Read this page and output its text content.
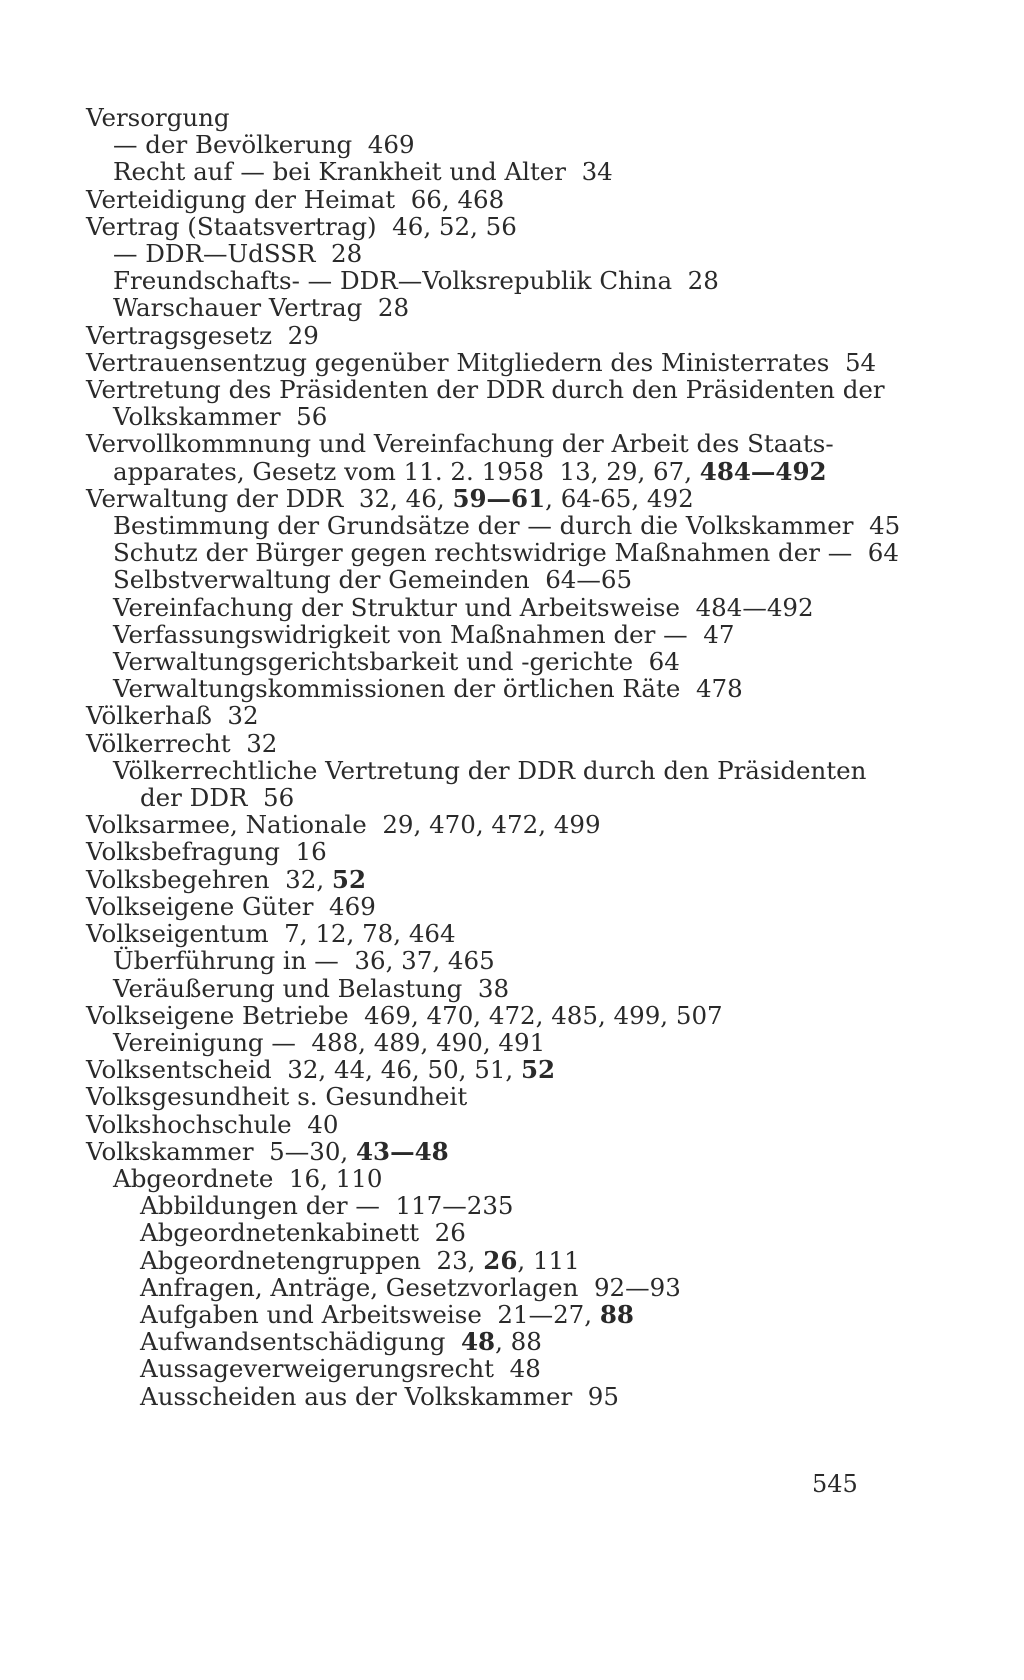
Versorgung
— der Bevölkerung  469
Recht auf — bei Krankheit und Alter  34
Verteidigung der Heimat  66, 468
Vertrag (Staatsvertrag)  46, 52, 56
— DDR—UdSSR  28
Freundschafts- — DDR—Volksrepublik China  28
Warschauer Vertrag  28
Vertragsgesetz  29
Vertrauensentzug gegenüber Mitgliedern des Ministerrates  54
Vertretung des Präsidenten der DDR durch den Präsidenten der
Volkskammer  56
Vervollkommnung und Vereinfachung der Arbeit des Staats-
apparates, Gesetz vom 11. 2. 1958  13, 29, 67, 484—492
Verwaltung der DDR  32, 46, 59—61, 64-65, 492
Bestimmung der Grundsätze der — durch die Volkskammer  45
Schutz der Bürger gegen rechtswidrige Maßnahmen der —  64
Selbstverwaltung der Gemeinden  64—65
Vereinfachung der Struktur und Arbeitsweise  484—492
Verfassungswidrigkeit von Maßnahmen der —  47
Verwaltungsgerichtsbarkeit und -gerichte  64
Verwaltungskommissionen der örtlichen Räte  478
Völkerhaß  32
Völkerrecht  32
Völkerrechtliche Vertretung der DDR durch den Präsidenten
der DDR  56
Volksarmee, Nationale  29, 470, 472, 499
Volksbefragung  16
Volksbegehren  32, 52
Volkseigene Güter  469
Volkseigentum  7, 12, 78, 464
Überführung in —  36, 37, 465
Veräußerung und Belastung  38
Volkseigene Betriebe  469, 470, 472, 485, 499, 507
Vereinigung —  488, 489, 490, 491
Volksentscheid  32, 44, 46, 50, 51, 52
Volksgesundheit s. Gesundheit
Volkshochschule  40
Volkskammer  5—30, 43—48
Abgeordnete  16, 110
Abbildungen der —  117—235
Abgeordnetenkabinett  26
Abgeordnetengruppen  23, 26, 111
Anfragen, Anträge, Gesetzvorlagen  92—93
Aufgaben und Arbeitsweise  21—27, 88
Aufwandsentschädigung  48, 88
Aussageverweigerungsrecht  48
Ausscheiden aus der Volkskammer  95
545
